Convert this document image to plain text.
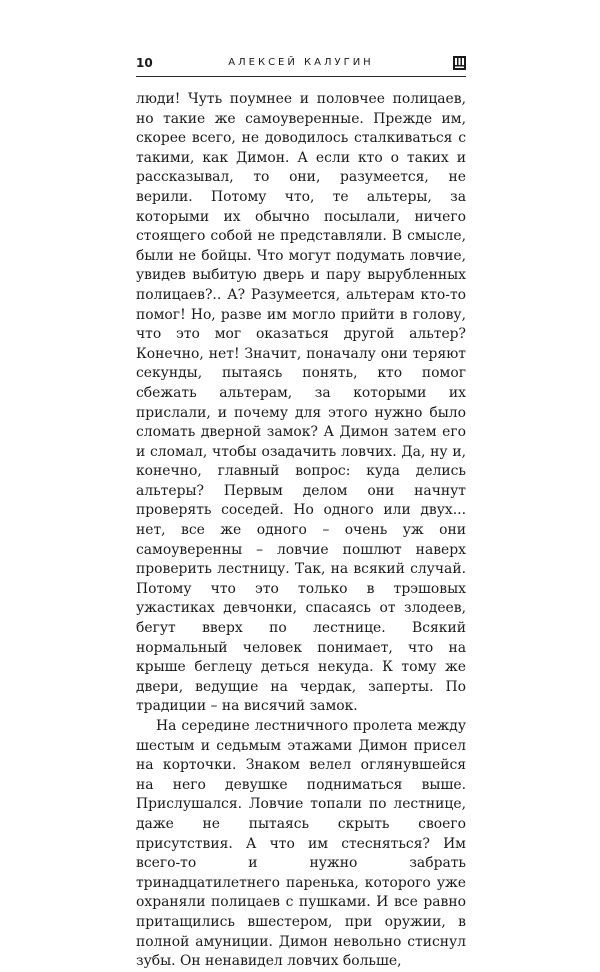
10	АЛЕКСЕЙ КАЛУГИН

люди! Чуть поумнее и половчее полицаев, но такие же самоуверенные. Прежде им, скорее всего, не доводилось сталкиваться с такими, как Димон. А если кто о таких и рассказывал, то они, разумеется, не верили. Потому что, те альтеры, за которыми их обычно посылали, ничего стоящего собой не представляли. В смысле, были не бойцы. Что могут подумать ловчие, увидев выбитую дверь и пару вырубленных полицаев?.. А? Разумеется, альтерам кто-то помог! Но, разве им могло прийти в голову, что это мог оказаться другой альтер? Конечно, нет! Значит, поначалу они теряют секунды, пытаясь понять, кто помог сбежать альтерам, за которыми их прислали, и почему для этого нужно было сломать дверной замок? А Димон затем его и сломал, чтобы озадачить ловчих. Да, ну и, конечно, главный вопрос: куда делись альтеры? Первым делом они начнут проверять соседей. Но одного или двух... нет, все же одного – очень уж они самоуверенны – ловчие пошлют наверх проверить лестницу. Так, на всякий случай. Потому что это только в трэшовых ужастиках девчонки, спасаясь от злодеев, бегут вверх по лестнице. Всякий нормальный человек понимает, что на крыше беглецу деться некуда. К тому же двери, ведущие на чердак, заперты. По традиции – на висячий замок.

На середине лестничного пролета между шестым и седьмым этажами Димон присел на корточки. Знаком велел оглянувшейся на него девушке подниматься выше. Прислушался. Ловчие топали по лестнице, даже не пытаясь скрыть своего присутствия. А что им стесняться? Им всего-то и нужно забрать тринадцатилетнего паренька, которого уже охраняли полицаев с пушками. И все равно притащились вшестером, при оружии, в полной амуниции. Димон невольно стиснул зубы. Он ненавидел ловчих больше,
